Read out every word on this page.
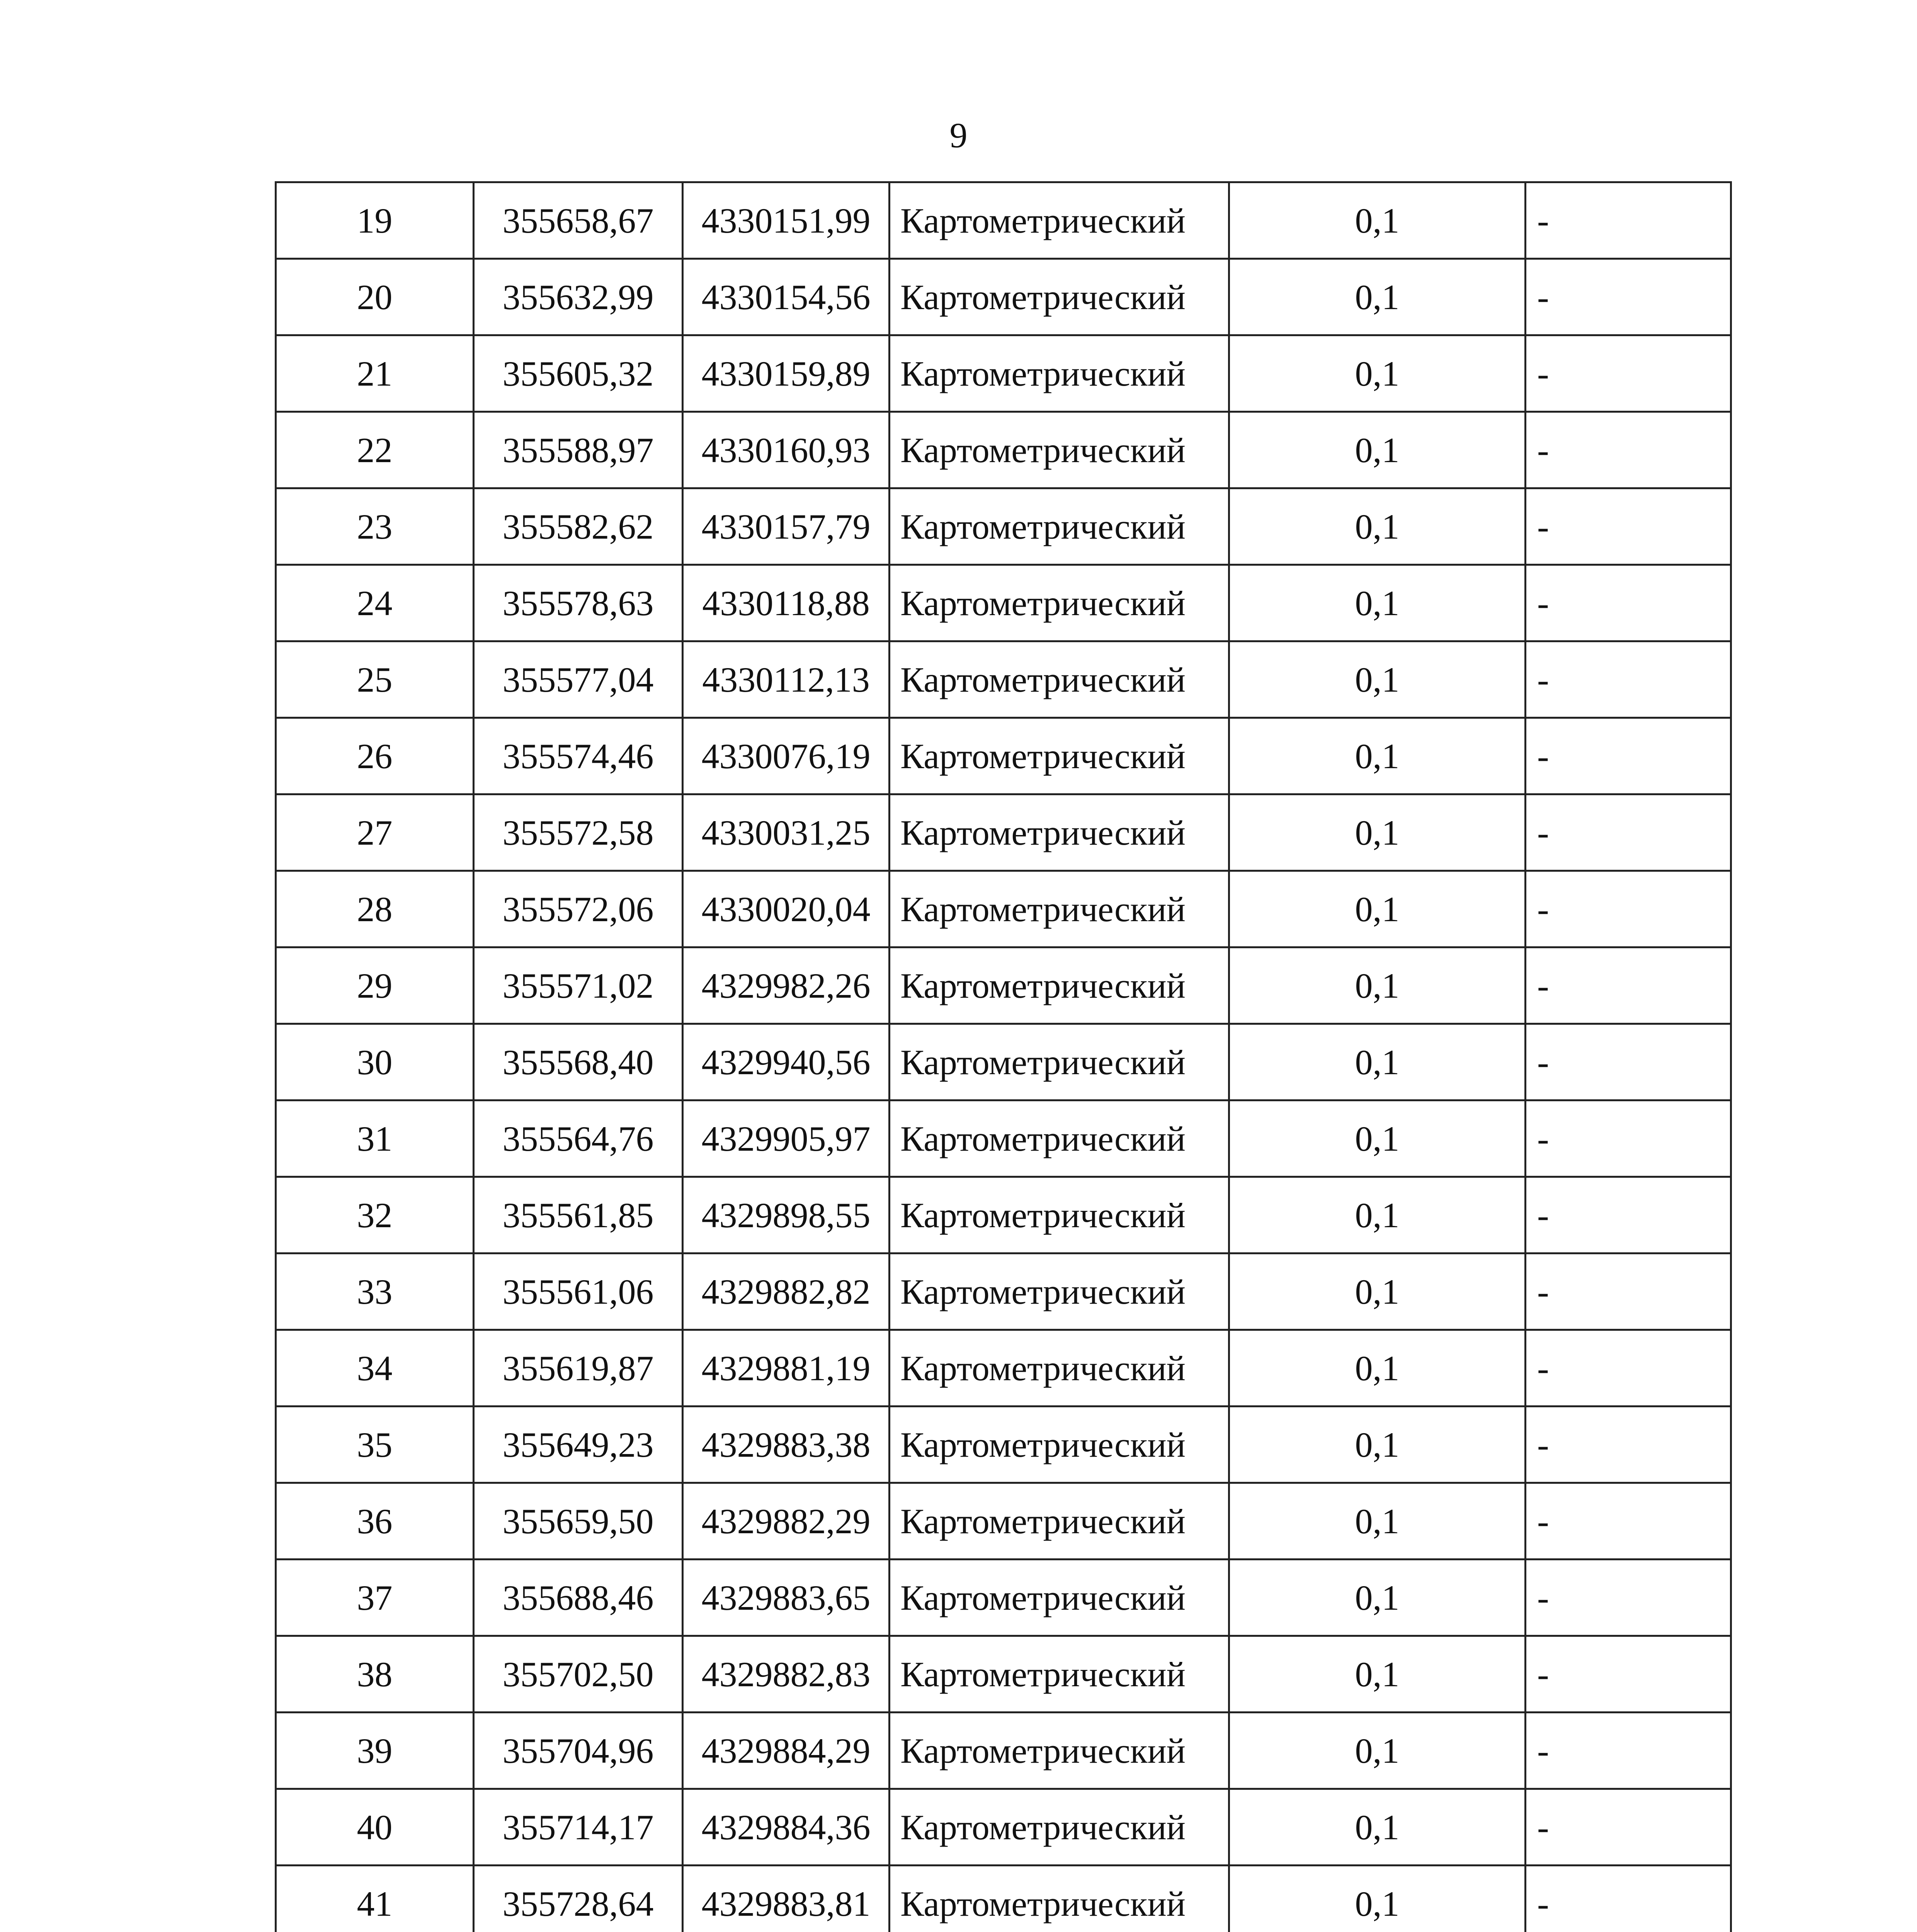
9
19	355658,67	4330151,99	Картометрический	0,1	-
20	355632,99	4330154,56	Картометрический	0,1	-
21	355605,32	4330159,89	Картометрический	0,1	-
22	355588,97	4330160,93	Картометрический	0,1	-
23	355582,62	4330157,79	Картометрический	0,1	-
24	355578,63	4330118,88	Картометрический	0,1	-
25	355577,04	4330112,13	Картометрический	0,1	-
26	355574,46	4330076,19	Картометрический	0,1	-
27	355572,58	4330031,25	Картометрический	0,1	-
28	355572,06	4330020,04	Картометрический	0,1	-
29	355571,02	4329982,26	Картометрический	0,1	-
30	355568,40	4329940,56	Картометрический	0,1	-
31	355564,76	4329905,97	Картометрический	0,1	-
32	355561,85	4329898,55	Картометрический	0,1	-
33	355561,06	4329882,82	Картометрический	0,1	-
34	355619,87	4329881,19	Картометрический	0,1	-
35	355649,23	4329883,38	Картометрический	0,1	-
36	355659,50	4329882,29	Картометрический	0,1	-
37	355688,46	4329883,65	Картометрический	0,1	-
38	355702,50	4329882,83	Картометрический	0,1	-
39	355704,96	4329884,29	Картометрический	0,1	-
40	355714,17	4329884,36	Картометрический	0,1	-
41	355728,64	4329883,81	Картометрический	0,1	-
